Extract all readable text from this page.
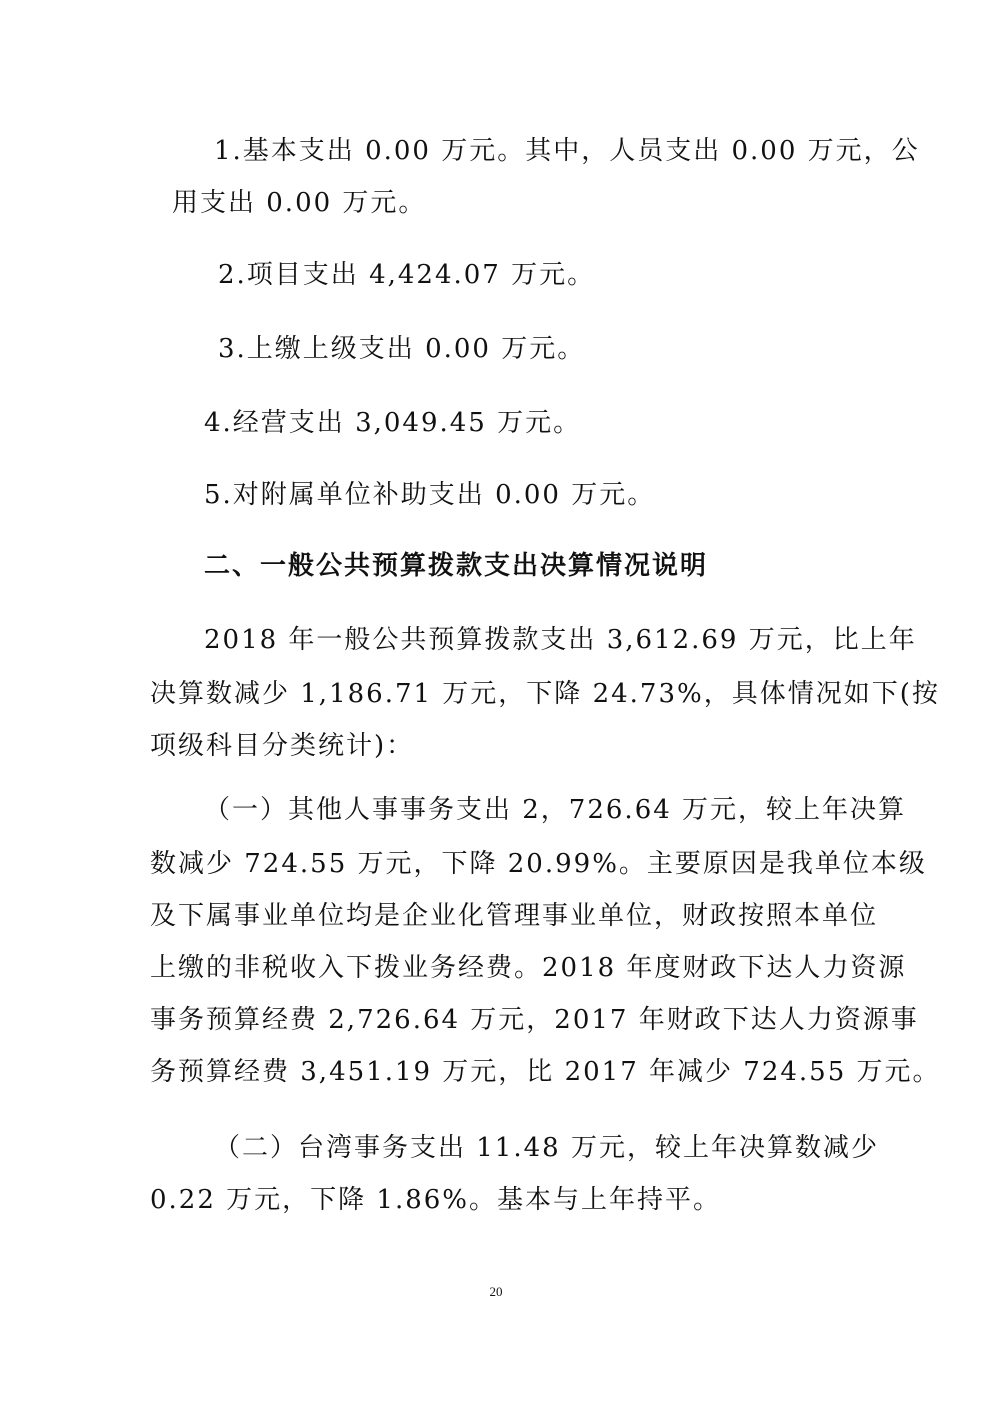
1.基本支出 0.00 万元。其中，人员支出 0.00 万元，公
用支出 0.00 万元。
2.项目支出 4,424.07 万元。
3.上缴上级支出 0.00 万元。
4.经营支出 3,049.45 万元。
5.对附属单位补助支出 0.00 万元。
二、一般公共预算拨款支出决算情况说明
2018 年一般公共预算拨款支出 3,612.69 万元，比上年
决算数减少 1,186.71 万元，下降 24.73%，具体情况如下(按
项级科目分类统计)：
（一）其他人事事务支出 2，726.64 万元，较上年决算
数减少 724.55 万元，下降 20.99%。主要原因是我单位本级
及下属事业单位均是企业化管理事业单位，财政按照本单位
上缴的非税收入下拨业务经费。2018 年度财政下达人力资源
事务预算经费 2,726.64 万元，2017 年财政下达人力资源事
务预算经费 3,451.19 万元，比 2017 年减少 724.55 万元。
（二）台湾事务支出 11.48 万元，较上年决算数减少
0.22 万元，下降 1.86%。基本与上年持平。
20
